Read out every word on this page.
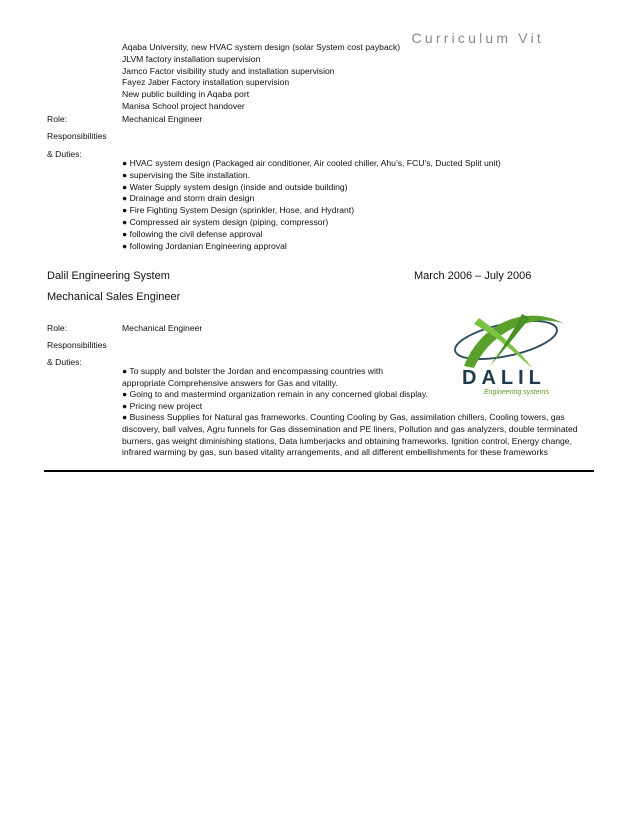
Curriculum Vit
Aqaba University, new HVAC system design (solar System cost payback)
JLVM factory installation supervision
Jamco Factor visibility study and installation supervision
Fayez Jaber Factory installation supervision
New public building in Aqaba port
Manisa School project handover
Role:	Mechanical Engineer
Responsibilities
& Duties:
● HVAC system design (Packaged air conditioner, Air cooled chiller, Ahu’s, FCU’s, Ducted Split unit)
● supervising the Site installation.
● Water Supply system design (inside and outside building)
● Drainage and storm drain design
● Fire Fighting System Design (sprinkler, Hose, and Hydrant)
● Compressed air system design (piping, compressor)
● following the civil defense approval
● following Jordanian Engineering approval
Dalil Engineering System	March 2006 – July 2006
Mechanical Sales Engineer
Role:	Mechanical Engineer
Responsibilities
& Duties:
● To supply and bolster the Jordan and encompassing countries with appropriate Comprehensive answers for Gas and vitality.
● Going to and mastermind organization remain in any concerned global display.
● Pricing new project
● Business Supplies for Natural gas frameworks. Counting Cooling by Gas, assimilation chillers, Cooling towers, gas discovery, ball valves, Agru funnels for Gas dissemination and PE liners, Pollution and gas analyzers, double terminated burners, gas weight diminishing stations, Data lumberjacks and obtaining frameworks. Ignition control, Energy change, infrared warming by gas, sun based vitality arrangements, and all different embellishments for these frameworks
DALIL
Engineering systems
